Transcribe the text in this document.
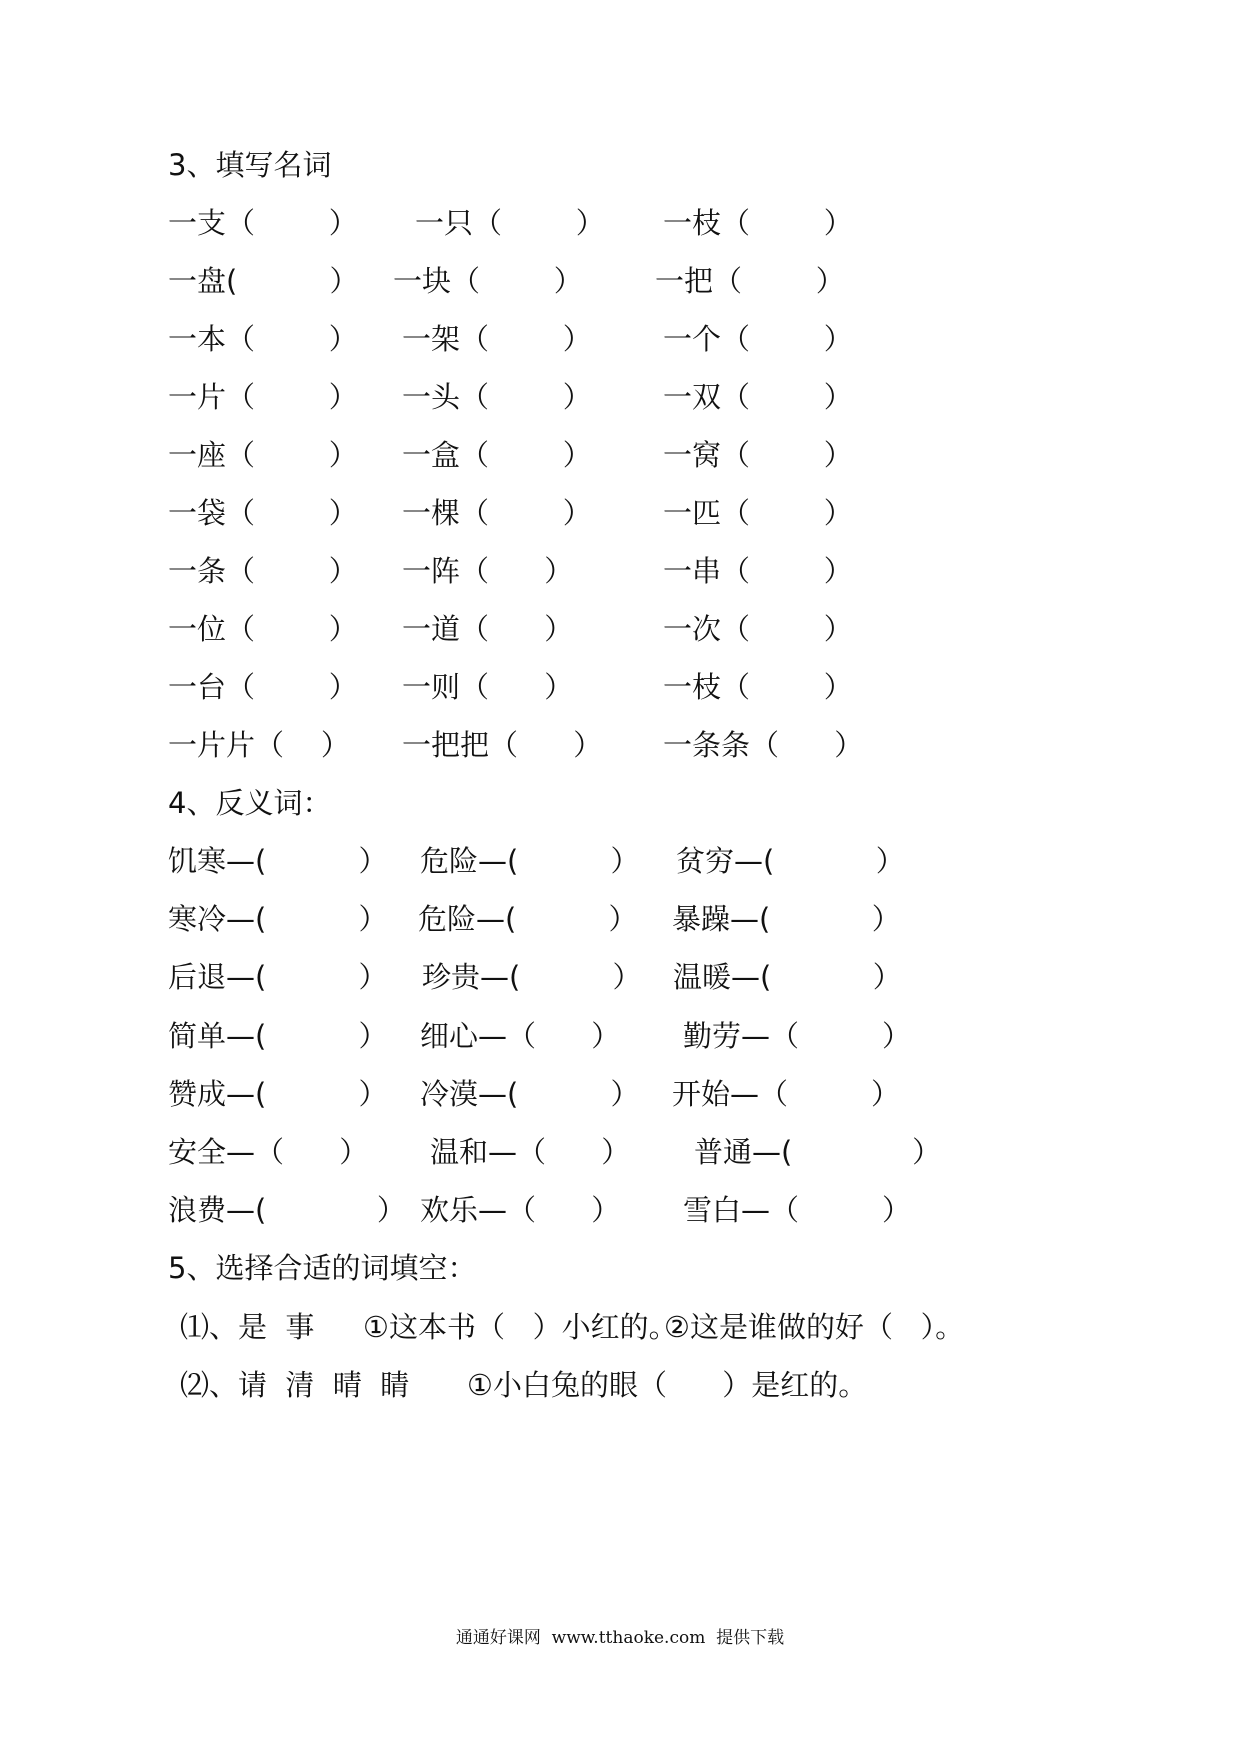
3、填写名词
一支（        ） 一只（        ） 一枝（        ）
一盘(          ） 一块（        ） 一把（        ）
一本（        ） 一架（        ） 一个（        ）
一片（        ） 一头（        ） 一双（        ）
一座（        ） 一盒（        ） 一窝（        ）
一袋（        ） 一棵（        ） 一匹（        ）
一条（        ） 一阵（      ）	一串（        ）
一位（        ） 一道（      ）	一次（        ）
一台（        ） 一则（      ）	一枝（        ）
一片片（    ） 一把把（      ） 一条条（      ）
4、反义词：
饥寒—(          ） 危险—(          ） 贫穷—(           ）
寒冷—(          ） 危险—(          ） 暴躁—(           ）
后退—(          ） 珍贵—(          ） 温暖—(           ）
简单—(          ） 细心—（      ） 勤劳—（         ）
赞成—(          ） 冷漠—(          ） 开始—（         ）
安全—（      ） 温和—（      ） 普通—(             ）
浪费—(            ） 欢乐—（      ） 雪白—（         ）
5、选择合适的词填空：
⑴、是  事 ①这本书（   ）小红的。
②这是谁做的好（   ）。
⑵、请  清  晴  睛 ①小白兔的眼（      ）是红的。
通通好课网  www.tthaoke.com  提供下载
